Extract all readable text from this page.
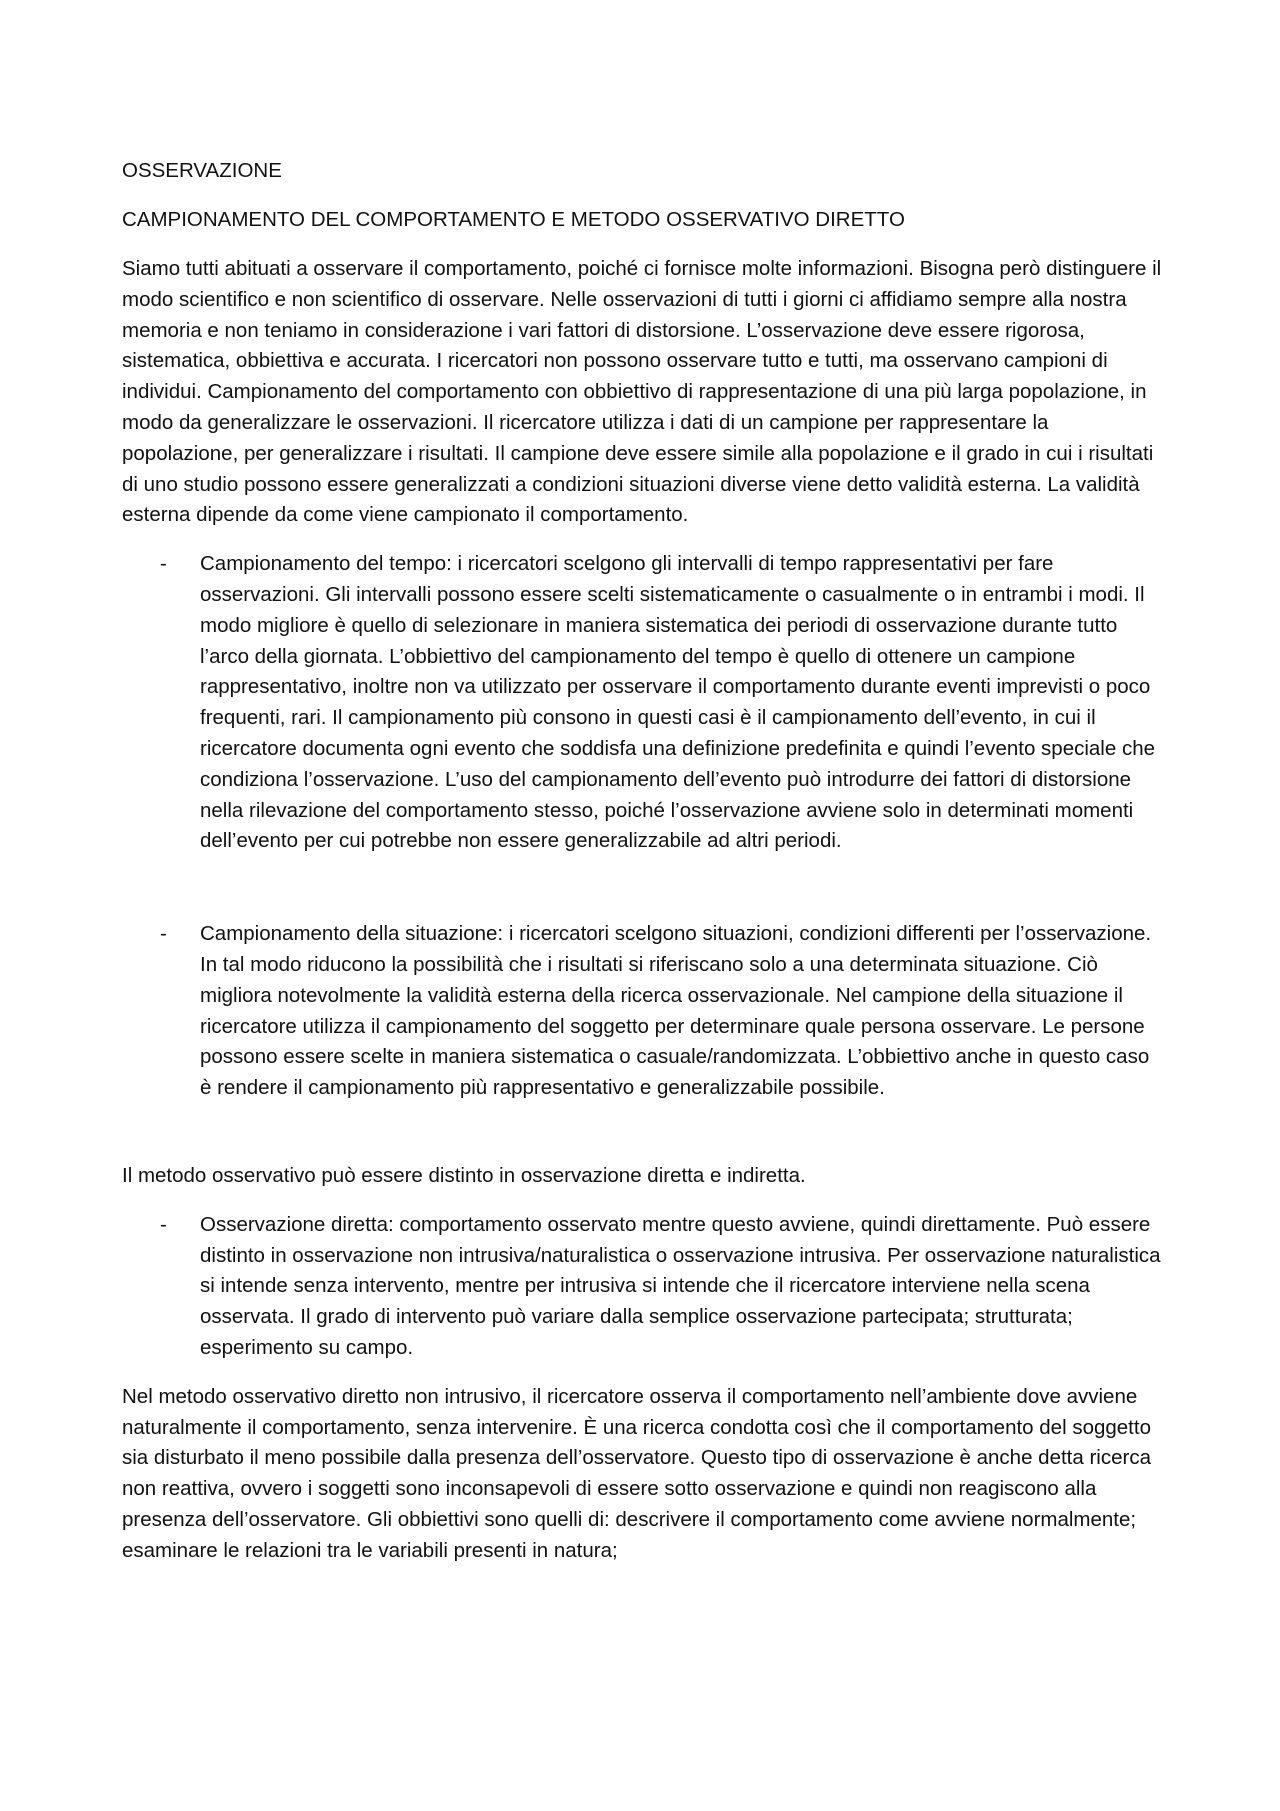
OSSERVAZIONE

CAMPIONAMENTO DEL COMPORTAMENTO E METODO OSSERVATIVO DIRETTO

Siamo tutti abituati a osservare il comportamento, poiché ci fornisce molte informazioni. Bisogna però distinguere il modo scientifico e non scientifico di osservare. Nelle osservazioni di tutti i giorni ci affidiamo sempre alla nostra memoria e non teniamo in considerazione i vari fattori di distorsione. L’osservazione deve essere rigorosa, sistematica, obbiettiva e accurata. I ricercatori non possono osservare tutto e tutti, ma osservano campioni di individui. Campionamento del comportamento con obbiettivo di rappresentazione di una più larga popolazione, in modo da generalizzare le osservazioni. Il ricercatore utilizza i dati di un campione per rappresentare la popolazione, per generalizzare i risultati. Il campione deve essere simile alla popolazione e il grado in cui i risultati di uno studio possono essere generalizzati a condizioni situazioni diverse viene detto validità esterna. La validità esterna dipende da come viene campionato il comportamento.

- Campionamento del tempo: i ricercatori scelgono gli intervalli di tempo rappresentativi per fare osservazioni. Gli intervalli possono essere scelti sistematicamente o casualmente o in entrambi i modi. Il modo migliore è quello di selezionare in maniera sistematica dei periodi di osservazione durante tutto l’arco della giornata. L’obbiettivo del campionamento del tempo è quello di ottenere un campione rappresentativo, inoltre non va utilizzato per osservare il comportamento durante eventi imprevisti o poco frequenti, rari. Il campionamento più consono in questi casi è il campionamento dell’evento, in cui il ricercatore documenta ogni evento che soddisfa una definizione predefinita e quindi l’evento speciale che condiziona l’osservazione. L’uso del campionamento dell’evento può introdurre dei fattori di distorsione nella rilevazione del comportamento stesso, poiché l’osservazione avviene solo in determinati momenti dell’evento per cui potrebbe non essere generalizzabile ad altri periodi.
- Campionamento della situazione: i ricercatori scelgono situazioni, condizioni differenti per l’osservazione. In tal modo riducono la possibilità che i risultati si riferiscano solo a una determinata situazione. Ciò migliora notevolmente la validità esterna della ricerca osservazionale. Nel campione della situazione il ricercatore utilizza il campionamento del soggetto per determinare quale persona osservare. Le persone possono essere scelte in maniera sistematica o casuale/randomizzata. L’obbiettivo anche in questo caso è rendere il campionamento più rappresentativo e generalizzabile possibile.

Il metodo osservativo può essere distinto in osservazione diretta e indiretta.

- Osservazione diretta: comportamento osservato mentre questo avviene, quindi direttamente. Può essere distinto in osservazione non intrusiva/naturalistica o osservazione intrusiva. Per osservazione naturalistica si intende senza intervento, mentre per intrusiva si intende che il ricercatore interviene nella scena osservata. Il grado di intervento può variare dalla semplice osservazione partecipata; strutturata; esperimento su campo.

Nel metodo osservativo diretto non intrusivo, il ricercatore osserva il comportamento nell’ambiente dove avviene naturalmente il comportamento, senza intervenire. È una ricerca condotta così che il comportamento del soggetto sia disturbato il meno possibile dalla presenza dell’osservatore. Questo tipo di osservazione è anche detta ricerca non reattiva, ovvero i soggetti sono inconsapevoli di essere sotto osservazione e quindi non reagiscono alla presenza dell’osservatore. Gli obbiettivi sono quelli di: descrivere il comportamento come avviene normalmente; esaminare le relazioni tra le variabili presenti in natura;
